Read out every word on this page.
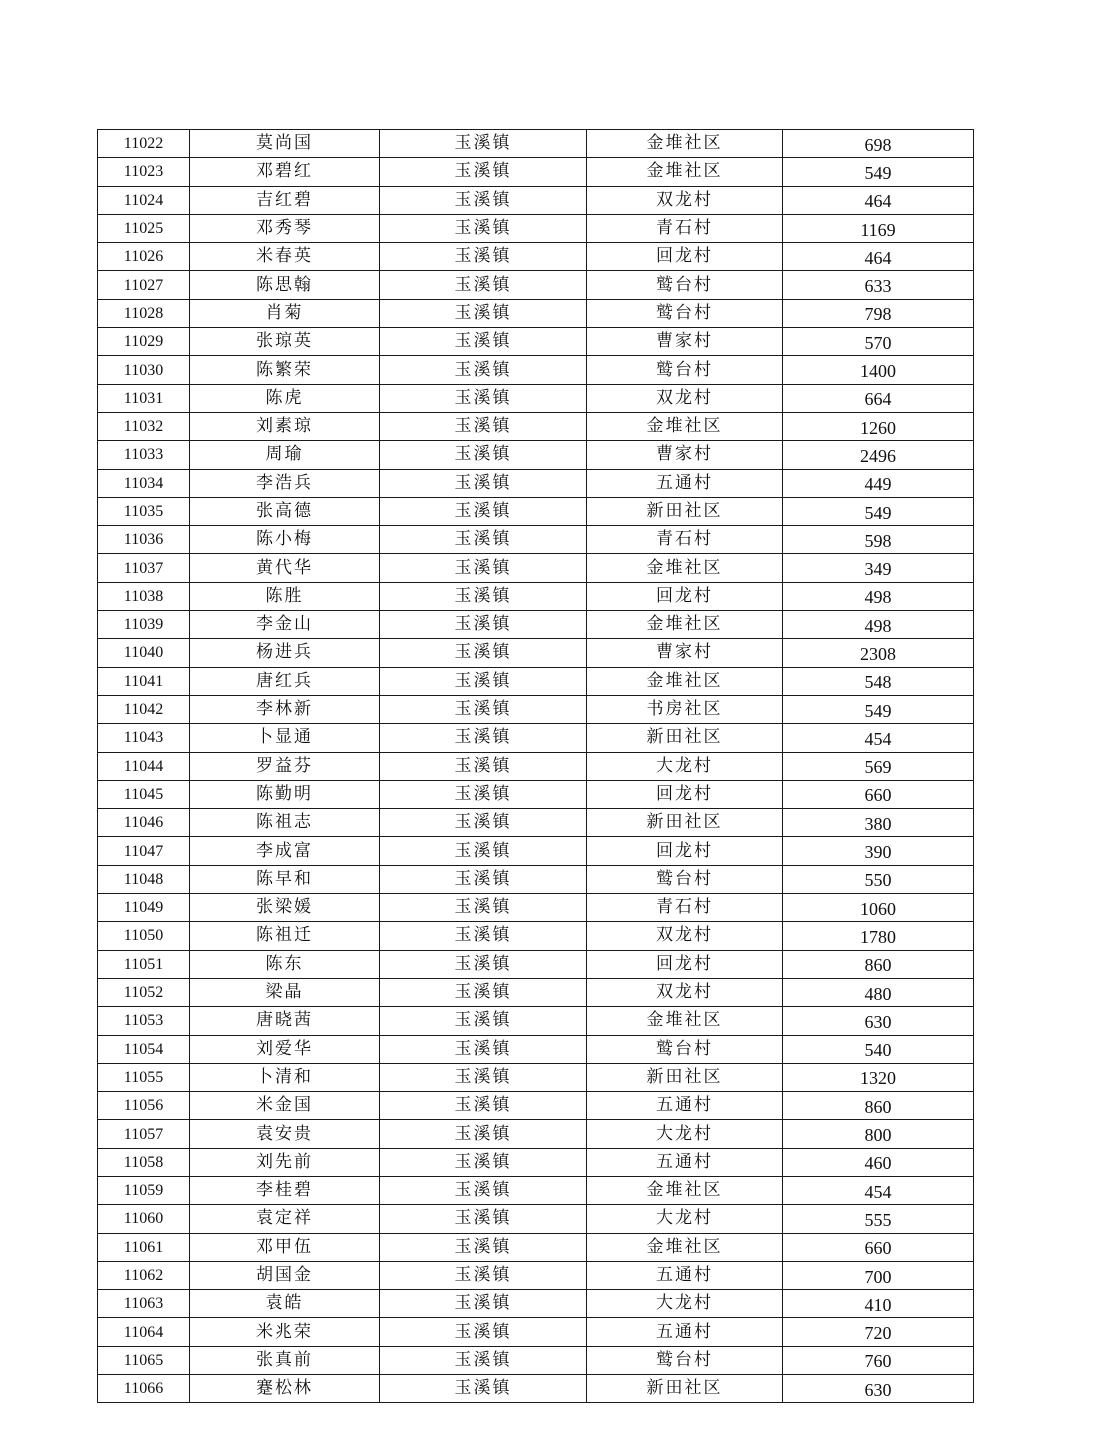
11022	莫尚国	玉溪镇	金堆社区	698
11023	邓碧红	玉溪镇	金堆社区	549
11024	吉红碧	玉溪镇	双龙村	464
11025	邓秀琴	玉溪镇	青石村	1169
11026	米春英	玉溪镇	回龙村	464
11027	陈思翰	玉溪镇	鹫台村	633
11028	肖菊	玉溪镇	鹫台村	798
11029	张琼英	玉溪镇	曹家村	570
11030	陈繁荣	玉溪镇	鹫台村	1400
11031	陈虎	玉溪镇	双龙村	664
11032	刘素琼	玉溪镇	金堆社区	1260
11033	周瑜	玉溪镇	曹家村	2496
11034	李浩兵	玉溪镇	五通村	449
11035	张高德	玉溪镇	新田社区	549
11036	陈小梅	玉溪镇	青石村	598
11037	黄代华	玉溪镇	金堆社区	349
11038	陈胜	玉溪镇	回龙村	498
11039	李金山	玉溪镇	金堆社区	498
11040	杨进兵	玉溪镇	曹家村	2308
11041	唐红兵	玉溪镇	金堆社区	548
11042	李林新	玉溪镇	书房社区	549
11043	卜显通	玉溪镇	新田社区	454
11044	罗益芬	玉溪镇	大龙村	569
11045	陈勤明	玉溪镇	回龙村	660
11046	陈祖志	玉溪镇	新田社区	380
11047	李成富	玉溪镇	回龙村	390
11048	陈早和	玉溪镇	鹫台村	550
11049	张梁媛	玉溪镇	青石村	1060
11050	陈祖迁	玉溪镇	双龙村	1780
11051	陈东	玉溪镇	回龙村	860
11052	梁晶	玉溪镇	双龙村	480
11053	唐晓茜	玉溪镇	金堆社区	630
11054	刘爱华	玉溪镇	鹫台村	540
11055	卜清和	玉溪镇	新田社区	1320
11056	米金国	玉溪镇	五通村	860
11057	袁安贵	玉溪镇	大龙村	800
11058	刘先前	玉溪镇	五通村	460
11059	李桂碧	玉溪镇	金堆社区	454
11060	袁定祥	玉溪镇	大龙村	555
11061	邓甲伍	玉溪镇	金堆社区	660
11062	胡国金	玉溪镇	五通村	700
11063	袁皓	玉溪镇	大龙村	410
11064	米兆荣	玉溪镇	五通村	720
11065	张真前	玉溪镇	鹫台村	760
11066	蹇松林	玉溪镇	新田社区	630
